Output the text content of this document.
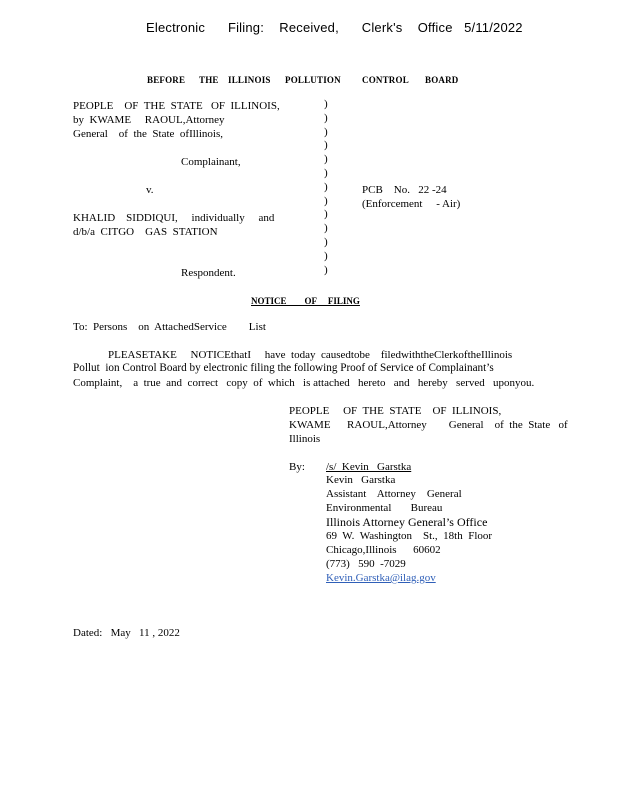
Electronic      Filing:    Received,      Clerk's    Office   5/11/2022
BEFORE THE ILLINOIS POLLUTION CONTROL BOARD
PEOPLE    OF  THE  STATE   OF  ILLINOIS,
by  KWAME     RAOUL,Attorney
General    of  the  State  ofIllinois,
Complainant,
v.
KHALID    SIDDIQUI,     individually     and
d/b/a  CITGO    GAS  STATION
Respondent.
)
)
)
)
)
)
)
)
)
)
)
)
)
PCB    No.   22 -24
(Enforcement     - Air)
NOTICE        OF     FILING
To:  Persons    on  AttachedService        List
PLEASETAKE     NOTICEthatI     have  today  causedtobe    filedwiththeClerkoftheIllinois
Pollut  ion Control Board by electronic filing the following Proof of Service of Complainant’s
Complaint,    a  true  and  correct   copy  of  which   is attached   hereto   and   hereby   served   uponyou.
PEOPLE     OF  THE  STATE    OF  ILLINOIS,
KWAME      RAOUL,Attorney        General    of  the  State   of
Illinois
By: /s/  Kevin   Garstka
Kevin   Garstka
Assistant    Attorney    General
Environmental       Bureau
Illinois Attorney General’s Office
69  W.  Washington    St.,  18th  Floor
Chicago,Illinois      60602
(773)   590  -7029
Kevin.Garstka@ilag.gov
Dated:   May   11 , 2022
